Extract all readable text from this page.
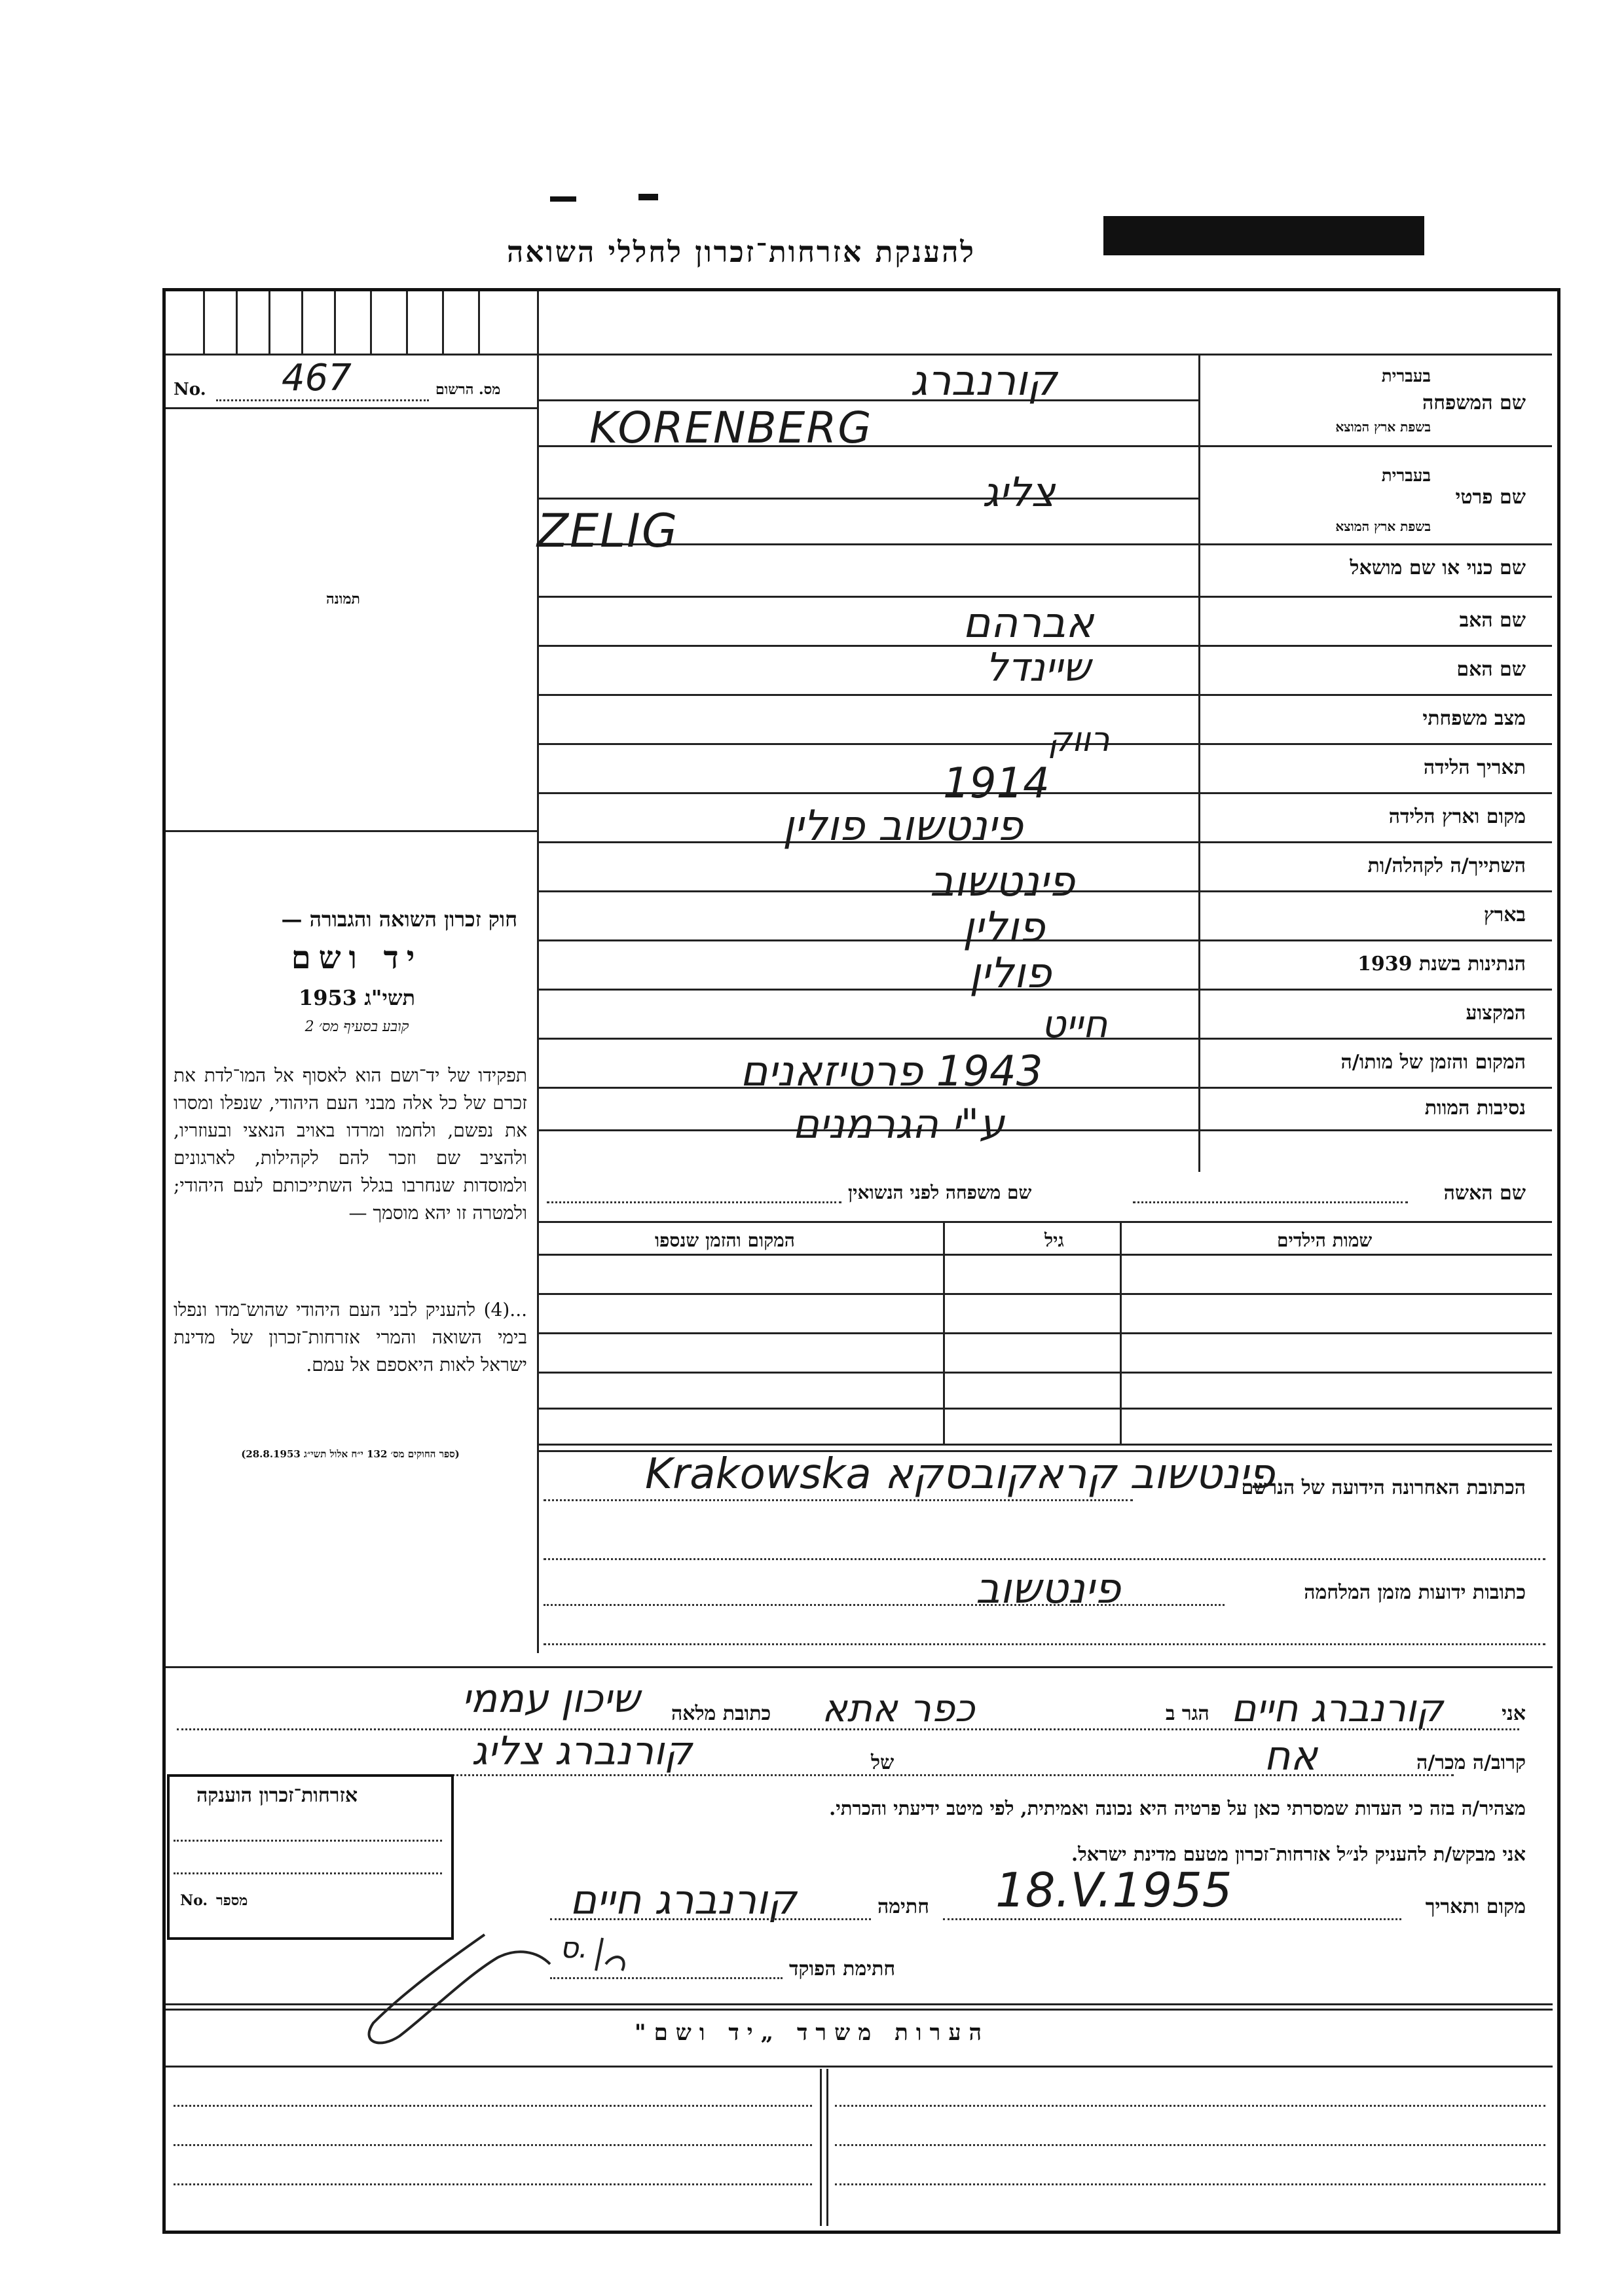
להענקת אזרחות־זכרון לחללי השואה
No. 467	מס. הרשום
תמונה
חוק זכרון השואה והגבורה —
יד ושם
תשי"ג 1953
קובע בסעיף מס׳ 2
תפקידו של יד־ושם הוא לאסוף אל המו־לדת את זכרם של כל אלה מבני העם היהודי, שנפלו ומסרו את נפשם, ולחמו ומרדו באויב הנאצי ובעוזריו, ולהציב שם וזכר להם לקהילות, לארגונים ולמוסדות שנחרבו בגלל השתייכותם לעם היהודי; ולמטרה זו יהא מוסמך —
...(4) להעניק לבני העם היהודי שהוש־מדו ונפלו בימי השואה והמרי אזרחות־זכרון של מדינת ישראל לאות היאספם אל עמם.
(ספר החוקים מס׳ 132 י״ח אלול תשי״ג 28.8.1953)
שם המשפחה
בעברית
בשפת ארץ המוצא
קורנברג
KORENBERG
שם פרטי
בעברית
בשפת ארץ המוצא
צליג
ZELIG
שם כנוי או שם מושאל
שם האב
אברהם
שם האם
שיינדל
מצב משפחתי
רווק
תאריך הלידה
1914
מקום וארץ הלידה
פינטשוב פולין
השתייך/ה לקהלה/ות
פינטשוב
בארץ
פולין
הנתינות בשנת 1939
פולין
המקצוע
חייט
המקום והזמן של מותו/ה
1943 פרטיזאנים
נסיבות המוות
ע"י הגרמנים
שם האשה
שם משפחה לפני הנשואין
שמות הילדים
גיל
המקום והזמן שנספו
הכתובת האחרונה הידועה של הנרשם
פינטשוב קראקובסקא Krakowska
כתובות ידועות מזמן המלחמה
פינטשוב
אני
קורנברג חיים
הגר ב
כפר אתא
כתובת מלאה
שיכון עממי
קרוב/ה מכר/ה
אח
של
קורנברג צליג
מצהיר/ה בזה כי העדות שמסרתי כאן על פרטיה היא נכונה ואמיתית, לפי מיטב ידיעתי והכרתי.
אני מבקש/ת להעניק לנ״ל אזרחות־זכרון מטעם מדינת ישראל.
מקום ותאריך
18.V.1955
חתימה
קורנברג חיים
חתימת הפוקד
ס.
אזרחות־זכרון הוענקה
No. מספר
הערות משרד „יד ושם"
